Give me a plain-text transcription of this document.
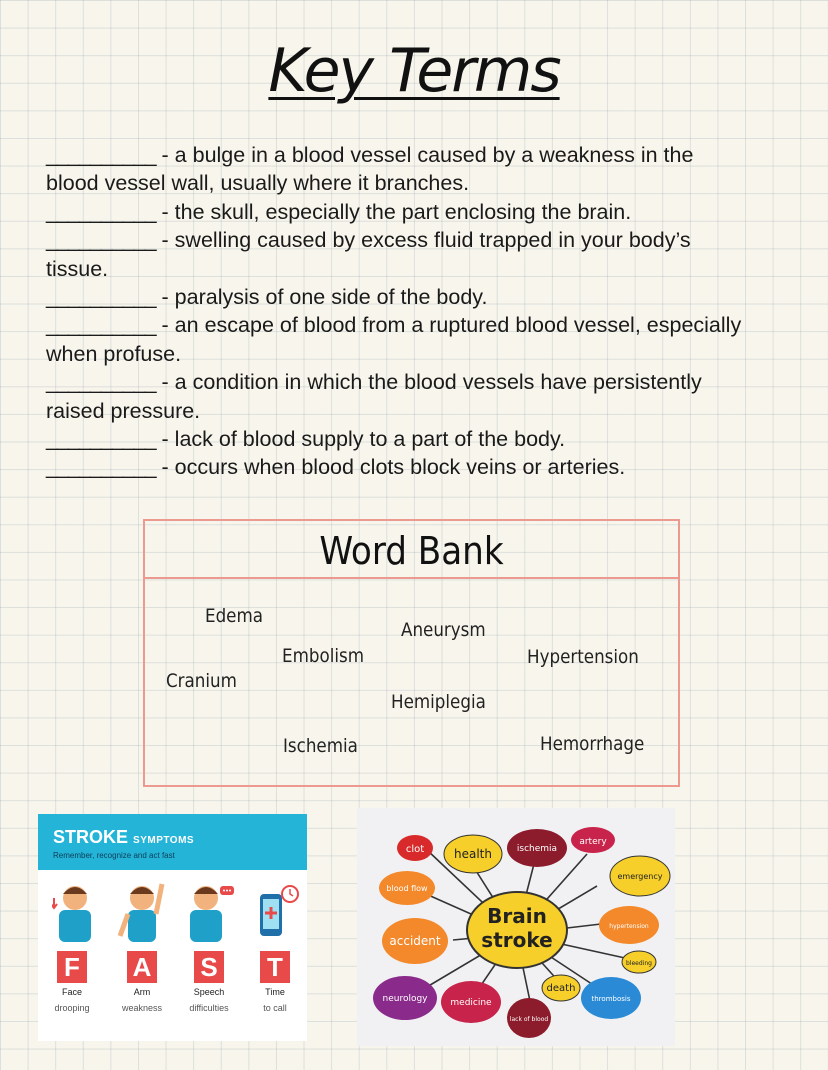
Key Terms
__________ - a bulge in a blood vessel caused by a weakness in the blood vessel wall, usually where it branches.
__________ - the skull, especially the part enclosing the brain.
__________ - swelling caused by excess fluid trapped in your body’s tissue.
__________ - paralysis of one side of the body.
__________ - an escape of blood from a ruptured blood vessel, especially when profuse.
__________ - a condition in which the blood vessels have persistently raised pressure.
__________ - lack of blood supply to a part of the body.
__________ - occurs when blood clots block veins or arteries.
Word Bank
Edema
Aneurysm
Embolism	Hypertension
Cranium
Hemiplegia
Ischemia	Hemorrhage
STROKE SYMPTOMS
Remember, recognize and act fast
F A S T
Face	Arm	Speech	Time
drooping	weakness	difficulties	to call
Brain
stroke
clot health	ischemia
artery
emergency
blood flow
accident
hypertension
bleeding
death
neurology	medicine
lack of blood
thrombosis
